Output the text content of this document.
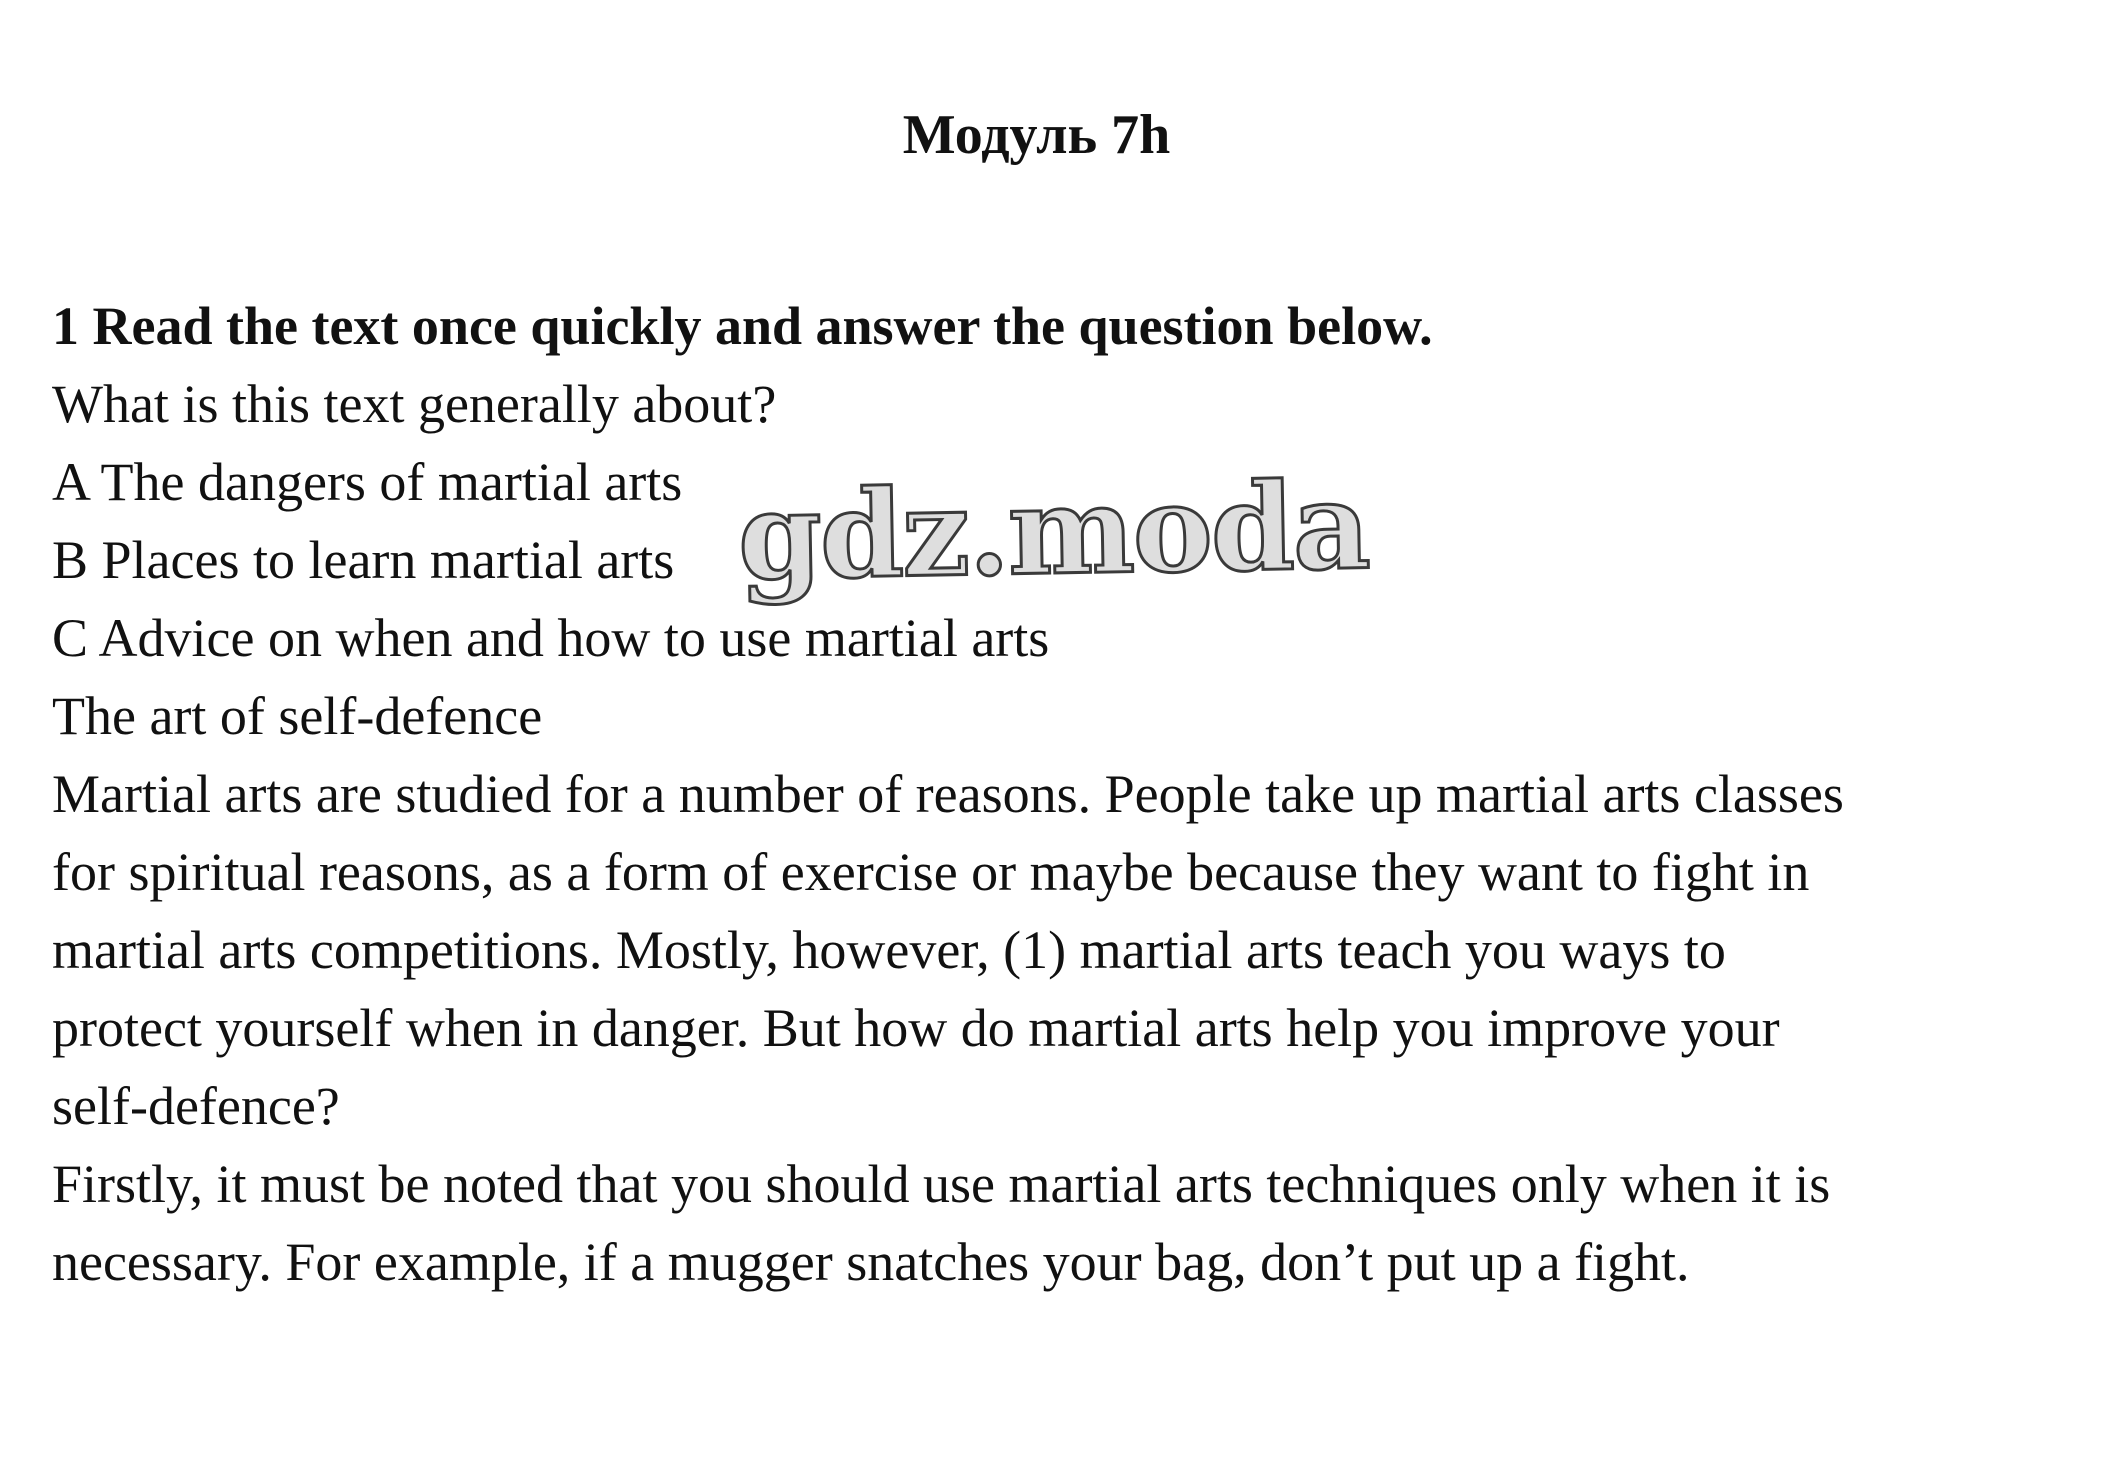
Модуль 7h
1 Read the text once quickly and answer the question below.
What is this text generally about?
A The dangers of martial arts
B Places to learn martial arts
C Advice on when and how to use martial arts
The art of self-defence
Martial arts are studied for a number of reasons. People take up martial arts classes
for spiritual reasons, as a form of exercise or maybe because they want to fight in
martial arts competitions. Mostly, however, (1) martial arts teach you ways to
protect yourself when in danger. But how do martial arts help you improve your
self-defence?
Firstly, it must be noted that you should use martial arts techniques only when it is
necessary. For example, if a mugger snatches your bag, don’t put up a fight.
gdz.moda
